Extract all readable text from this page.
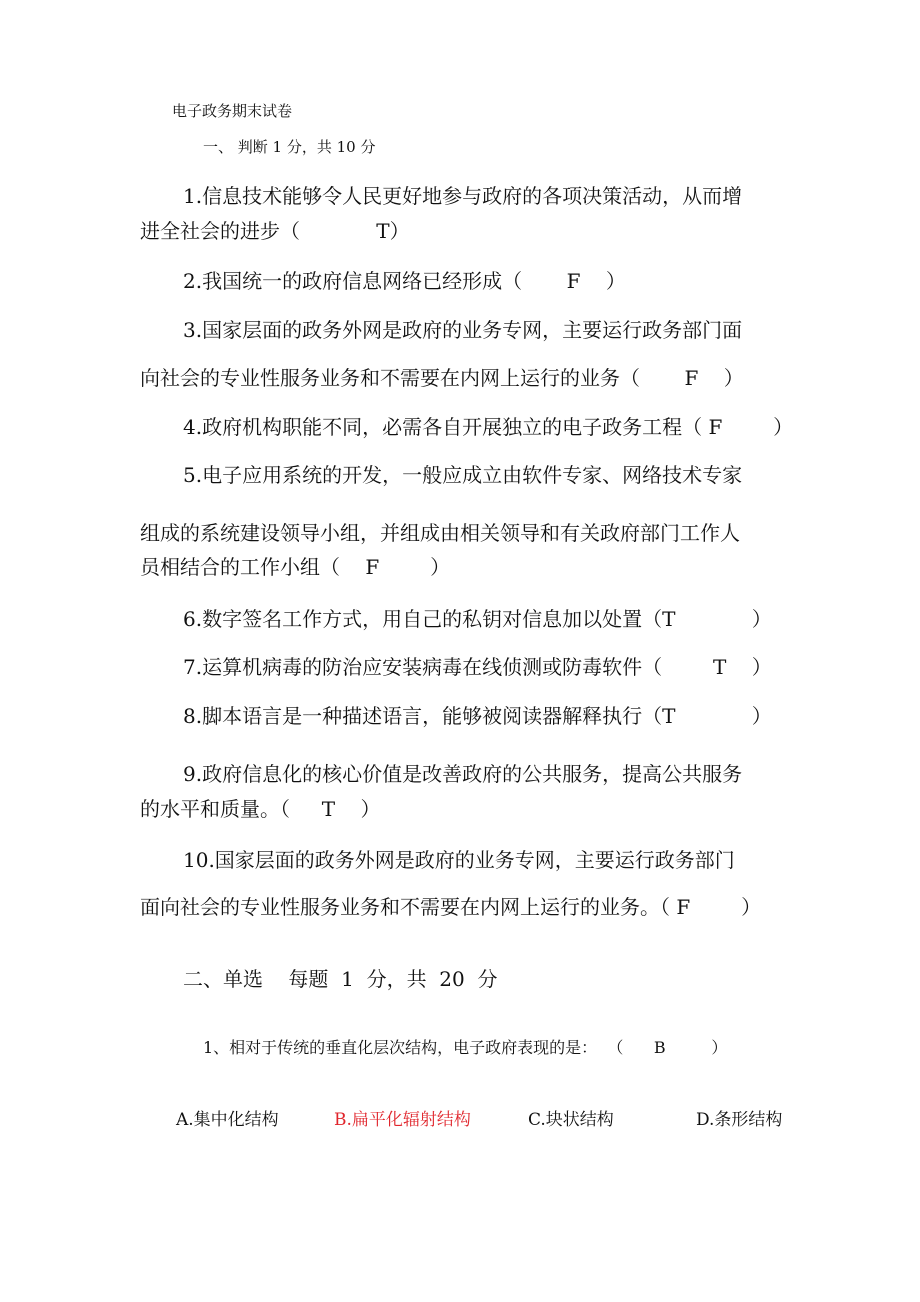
电子政务期末试卷

一、 判断 1 分，共 10 分

1.信息技术能够令人民更好地参与政府的各项决策活动，从而增

进全社会的进步（            T）

2.我国统一的政府信息网络已经形成（       F    ）

3.国家层面的政务外网是政府的业务专网，主要运行政务部门面

向社会的专业性服务业务和不需要在内网上运行的业务（       F    ）

4.政府机构职能不同，必需各自开展独立的电子政务工程（ F        ）

5.电子应用系统的开发，一般应成立由软件专家、网络技术专家

组成的系统建设领导小组，并组成由相关领导和有关政府部门工作人

员相结合的工作小组（    F        ）

6.数字签名工作方式，用自己的私钥对信息加以处置（T            ）

7.运算机病毒的防治应安装病毒在线侦测或防毒软件（        T    ）

8.脚本语言是一种描述语言，能够被阅读器解释执行（T            ）

9.政府信息化的核心价值是改善政府的公共服务，提高公共服务

的水平和质量。（     T    ）

10.国家层面的政务外网是政府的业务专网，主要运行政务部门

面向社会的专业性服务业务和不需要在内网上运行的业务。（ F        ）

二、单选    每题  1  分，共  20  分

1、相对于传统的垂直化层次结构，电子政府表现的是：  （      B         ）

A.集中化结构	B.扁平化辐射结构	C.块状结构	D.条形结构
